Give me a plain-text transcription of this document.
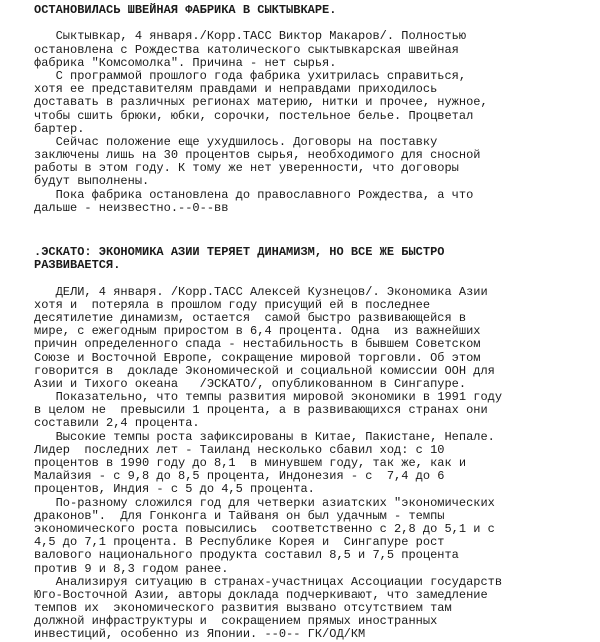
ОСТАНОВИЛАСЬ ШВЕЙНАЯ ФАБРИКА В СЫКТЫВКАРЕ.
Сыктывкар, 4 января./Корр.ТАСС Виктор Макаров/. Полностью
остановлена с Рождества католического сыктывкарская швейная
фабрика "Комсомолка". Причина - нет сырья.
С программой прошлого года фабрика ухитрилась справиться,
хотя ее представителям правдами и неправдами приходилось
доставать в различных регионах материю, нитки и прочее, нужное,
чтобы сшить брюки, юбки, сорочки, постельное белье. Процветал
бартер.
Сейчас положение еще ухудшилось. Договоры на поставку
заключены лишь на 30 процентов сырья, необходимого для сносной
работы в этом году. К тому же нет уверенности, что договоры
будут выполнены.
Пока фабрика остановлена до православного Рождества, а что
дальше - неизвестно.--0--вв
.ЭСКАТО: ЭКОНОМИКА АЗИИ ТЕРЯЕТ ДИНАМИЗМ, НО ВСЕ ЖЕ БЫСТРО
РАЗВИВАЕТСЯ.
ДЕЛИ, 4 января. /Корр.ТАСС Алексей Кузнецов/. Экономика Азии
хотя и  потеряла в прошлом году присущий ей в последнее
десятилетие динамизм, остается  самой быстро развивающейся в
мире, с ежегодным приростом в 6,4 процента. Одна  из важнейших
причин определенного спада - нестабильность в бывшем Советском
Союзе и Восточной Европе, сокращение мировой торговли. Об этом
говорится в  докладе Экономической и социальной комиссии ООН для
Азии и Тихого океана   /ЭСКАТО/, опубликованном в Сингапуре.
Показательно, что темпы развития мировой экономики в 1991 году
в целом не  превысили 1 процента, а в развивающихся странах они
составили 2,4 процента.
Высокие темпы роста зафиксированы в Китае, Пакистане, Непале.
Лидер  последних лет - Таиланд несколько сбавил ход: с 10
процентов в 1990 году до 8,1  в минувшем году, так же, как и
Малайзия - с 9,8 до 8,5 процента, Индонезия - с  7,4 до 6
процентов, Индия - с 5 до 4,5 процента.
По-разному сложился год для четверки азиатских "экономических
драконов".  Для Гонконга и Тайваня он был удачным - темпы
экономического роста повысились  соответственно с 2,8 до 5,1 и с
4,5 до 7,1 процента. В Республике Корея и  Сингапуре рост
валового национального продукта составил 8,5 и 7,5 процента
против 9 и 8,3 годом ранее.
Анализируя ситуацию в странах-участницах Ассоциации государств
Юго-Восточной Азии, авторы доклада подчеркивают, что замедление
темпов их  экономического развития вызвано отсутствием там
должной инфраструктуры и  сокращением прямых иностранных
инвестиций, особенно из Японии. --0-- ГК/ОД/КМ
